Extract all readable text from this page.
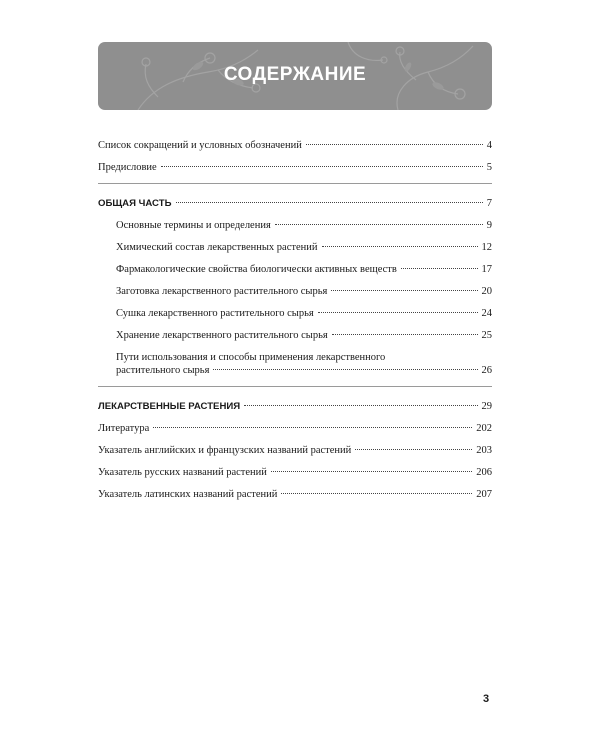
СОДЕРЖАНИЕ
Список сокращений и условных обозначений	4
Предисловие	5
ОБЩАЯ ЧАСТЬ	7
Основные термины и определения	9
Химический состав лекарственных растений	12
Фармакологические свойства биологически активных веществ	17
Заготовка лекарственного растительного сырья	20
Сушка лекарственного растительного сырья	24
Хранение лекарственного растительного сырья	25
Пути использования и способы применения лекарственного
растительного сырья	26
ЛЕКАРСТВЕННЫЕ РАСТЕНИЯ	29
Литература	202
Указатель английских и французских названий растений	203
Указатель русских названий растений	206
Указатель латинских названий растений	207
3
